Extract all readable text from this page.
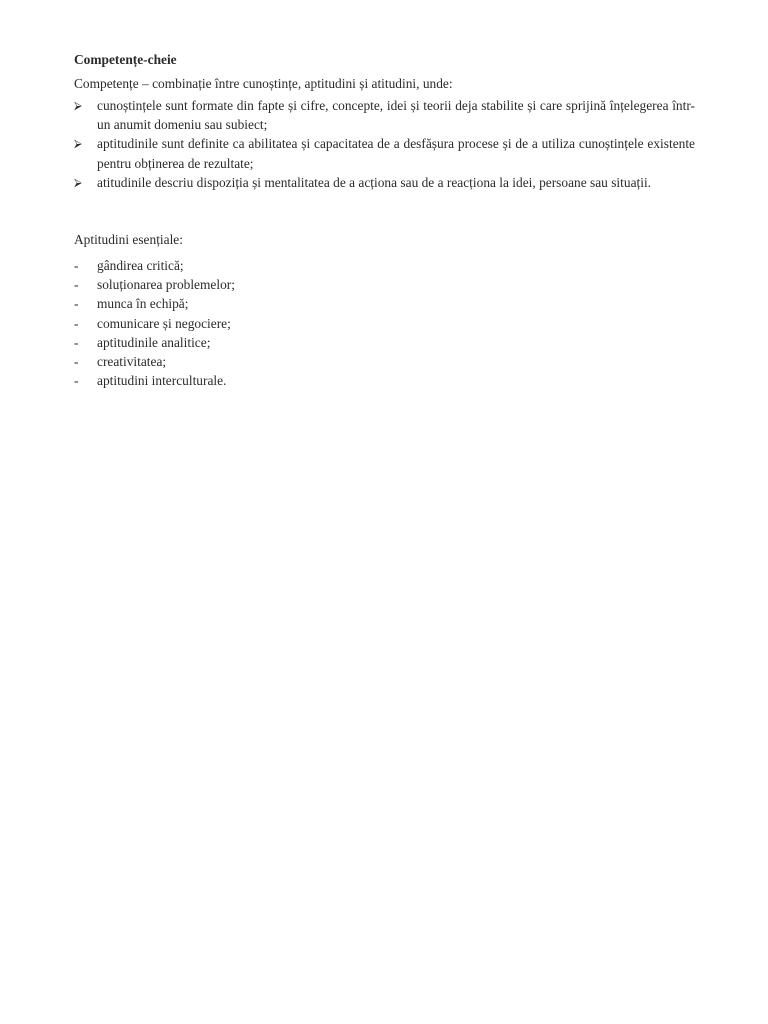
Competențe-cheie
Competențe – combinație între cunoștințe, aptitudini și atitudini, unde:
⮚	cunoștințele sunt formate din fapte și cifre, concepte, idei și teorii deja stabilite și care sprijină înțelegerea într-un anumit domeniu sau subiect;
⮚	aptitudinile sunt definite ca abilitatea și capacitatea de a desfășura procese și de a utiliza cunoștințele existente pentru obținerea de rezultate;
⮚	atitudinile descriu dispoziția și mentalitatea de a acționa sau de a reacționa la idei, persoane sau situații.
Aptitudini esențiale:
- gândirea critică;
- soluționarea problemelor;
- munca în echipă;
- comunicare și negociere;
- aptitudinile analitice;
- creativitatea;
- aptitudini interculturale.
